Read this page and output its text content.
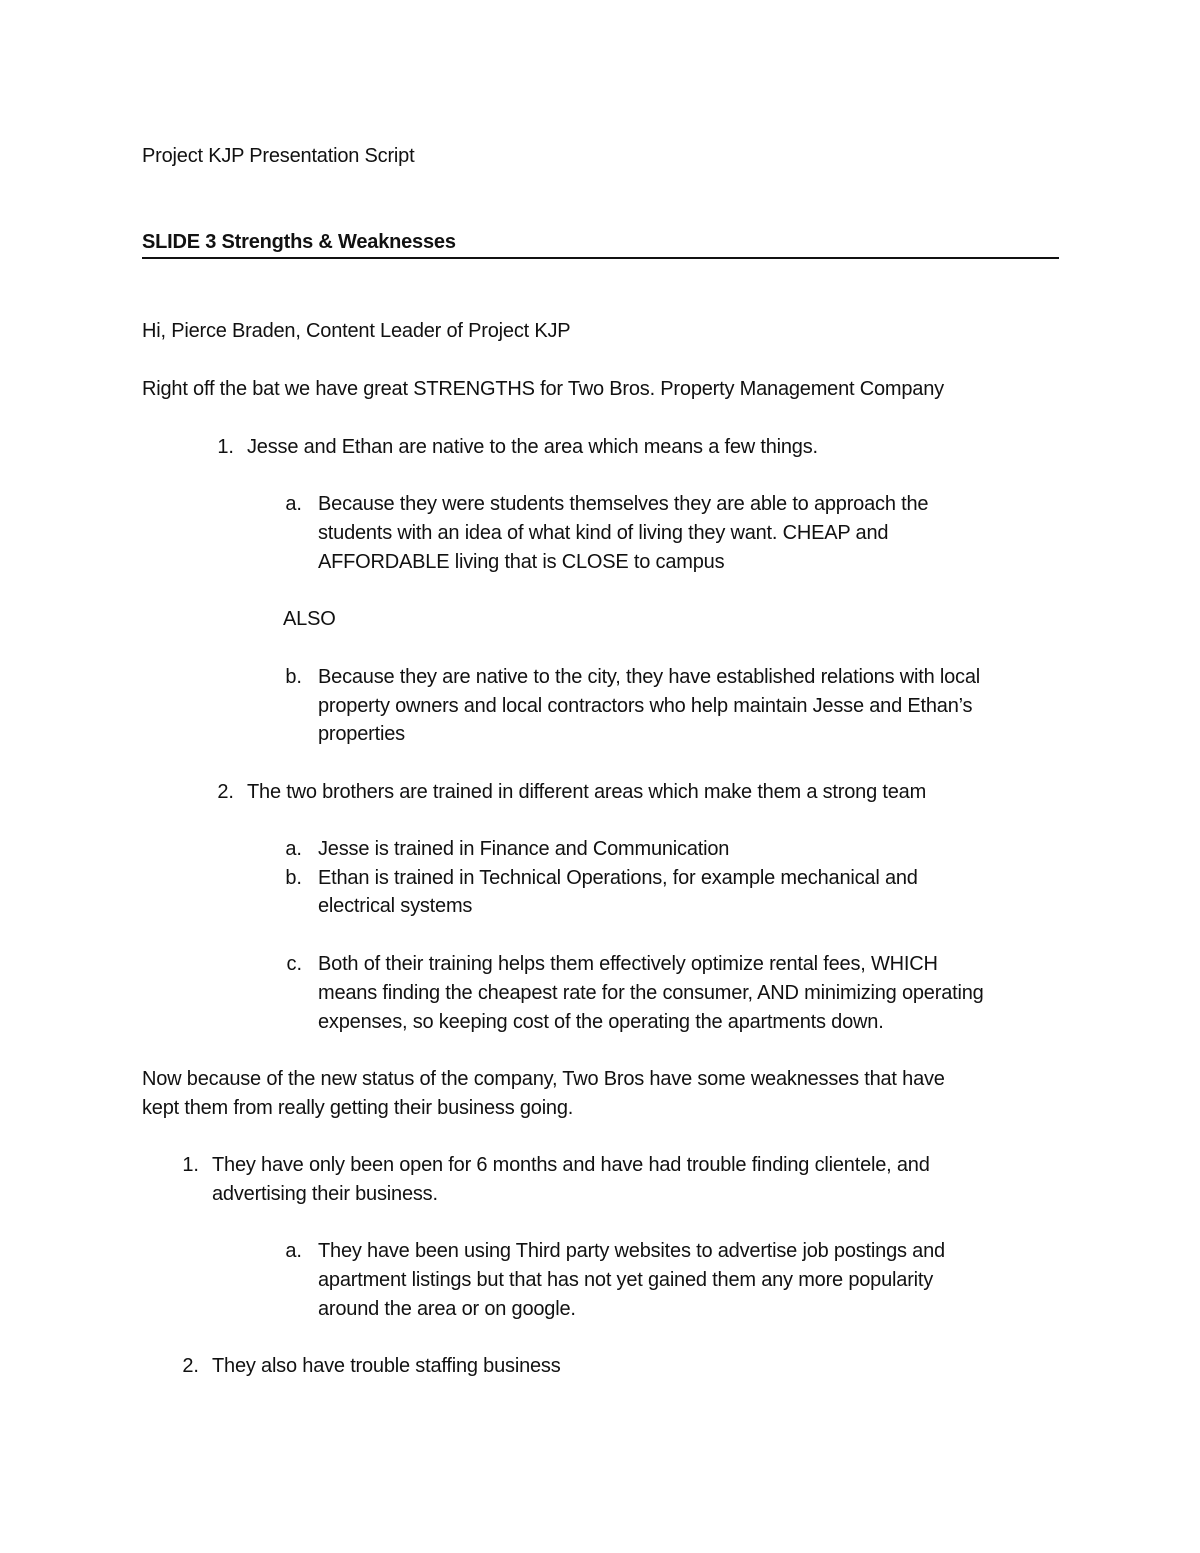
Project KJP Presentation Script
SLIDE 3 Strengths & Weaknesses
Hi, Pierce Braden, Content Leader of Project KJP
Right off the bat we have great STRENGTHS for Two Bros. Property Management Company
1. Jesse and Ethan are native to the area which means a few things.
a. Because they were students themselves they are able to approach the
students with an idea of what kind of living they want. CHEAP and
AFFORDABLE living that is CLOSE to campus
ALSO
b. Because they are native to the city, they have established relations with local
property owners and local contractors who help maintain Jesse and Ethan’s
properties
2. The two brothers are trained in different areas which make them a strong team
a. Jesse is trained in Finance and Communication
b. Ethan is trained in Technical Operations, for example mechanical and
electrical systems
c. Both of their training helps them effectively optimize rental fees, WHICH
means finding the cheapest rate for the consumer, AND minimizing operating
expenses, so keeping cost of the operating the apartments down.
Now because of the new status of the company, Two Bros have some weaknesses that have
kept them from really getting their business going.
1. They have only been open for 6 months and have had trouble finding clientele, and
advertising their business.
a. They have been using Third party websites to advertise job postings and
apartment listings but that has not yet gained them any more popularity
around the area or on google.
2. They also have trouble staffing business
